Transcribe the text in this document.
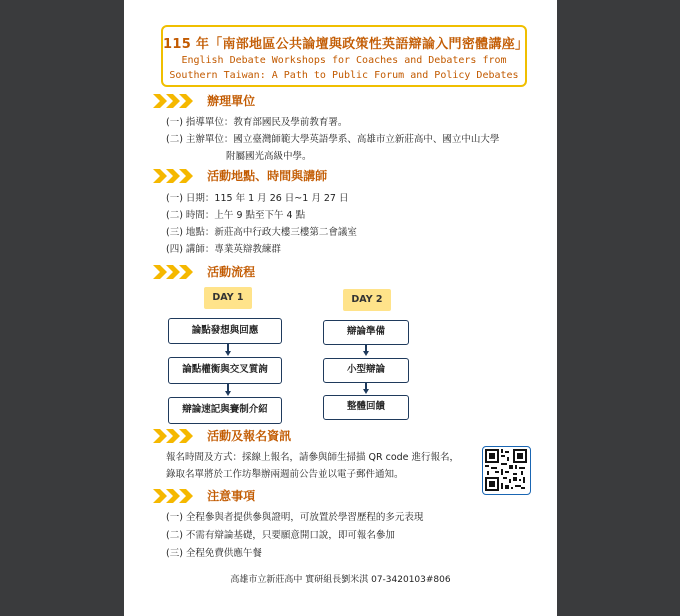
115 年「南部地區公共論壇與政策性英語辯論入門密體講座」
English Debate Workshops for Coaches and Debaters from
Southern Taiwan: A Path to Public Forum and Policy Debates
辦理單位
(一) 指導單位：教育部國民及學前教育署。
(二) 主辦單位：國立臺灣師範大學英語學系、高雄市立新莊高中、國立中山大學
附屬國光高級中學。
活動地點、時間與講師
(一) 日期：115 年 1 月 26 日~1 月 27 日
(二) 時間：上午 9 點至下午 4 點
(三) 地點：新莊高中行政大樓三樓第二會議室
(四) 講師：專業英辯教練群
活動流程
DAY 1	DAY 2
論點發想與回應
論點權衡與交叉質詢
辯論速記與賽制介紹
辯論準備
小型辯論
整體回饋
活動及報名資訊
報名時間及方式：採線上報名，請參與師生掃描 QR code 進行報名，
錄取名單將於工作坊舉辦兩週前公告並以電子郵件通知。
注意事項
(一) 全程參與者提供參與證明，可放置於學習歷程的多元表現
(二) 不需有辯論基礎，只要願意開口說，即可報名參加
(三) 全程免費供應午餐
高雄市立新莊高中 實研組長劉米淇 07-3420103#806
